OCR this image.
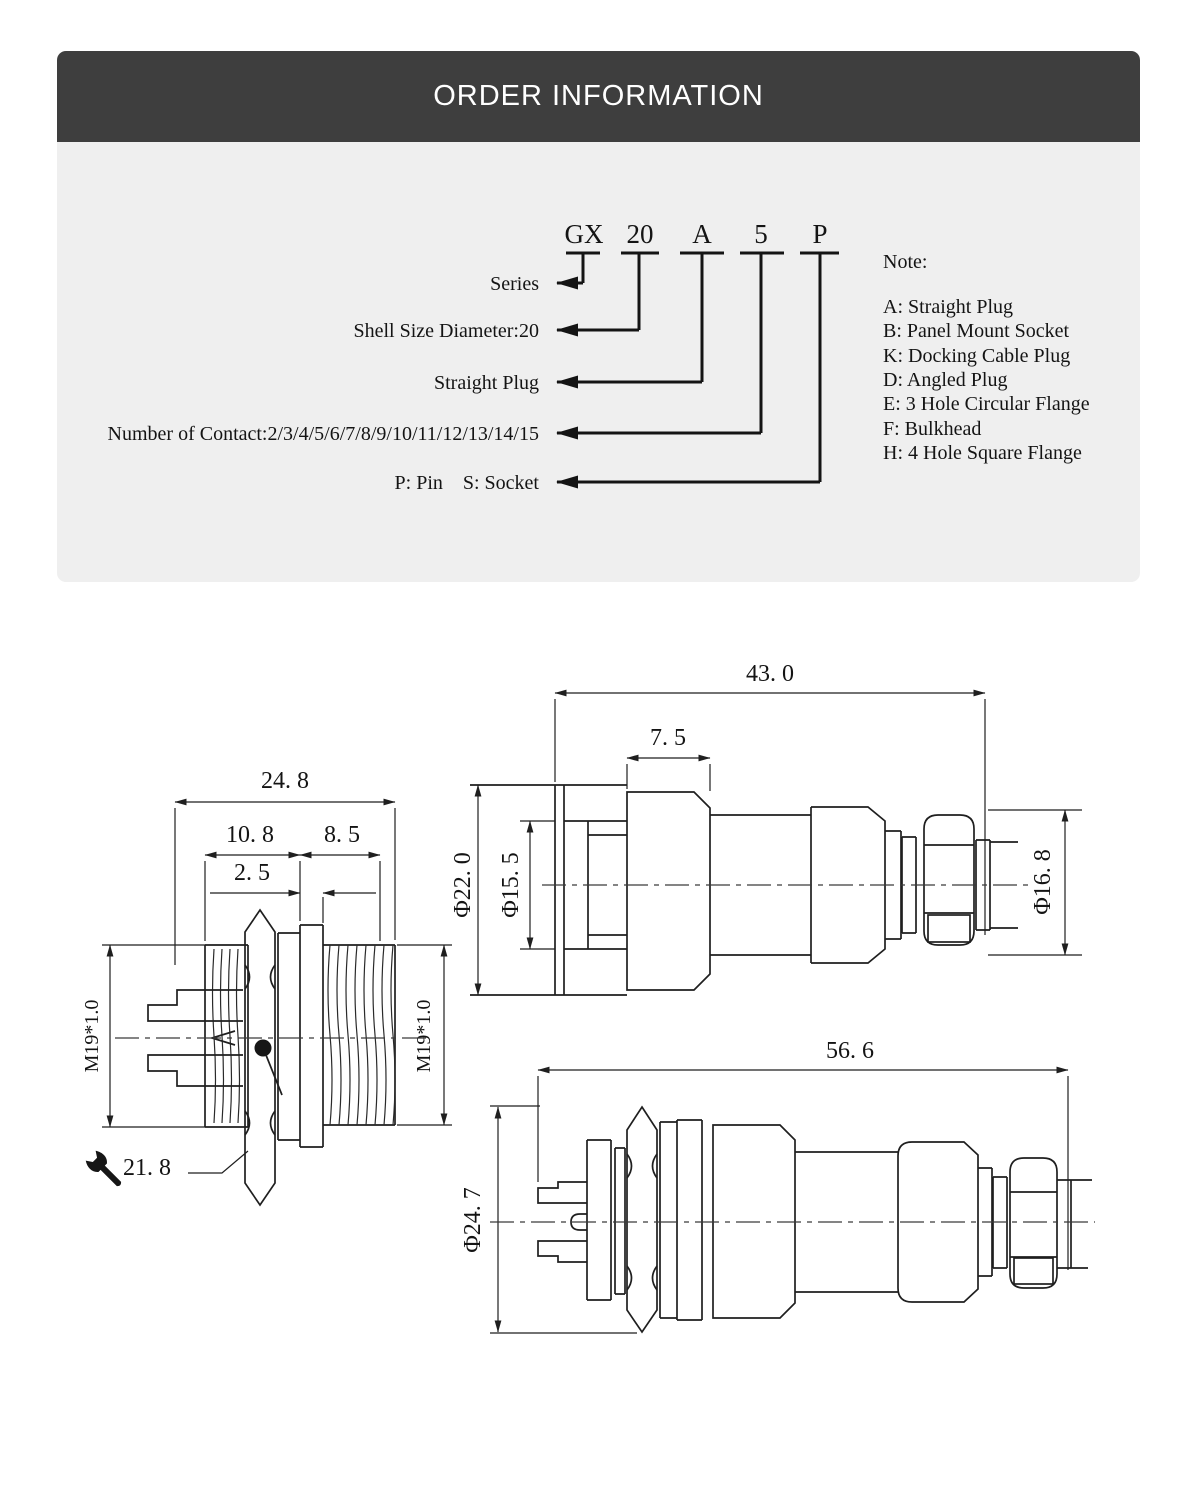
ORDER INFORMATION
GX 20 A 5 P
Series
Shell Size Diameter:20
Straight Plug
Number of Contact:2/3/4/5/6/7/8/9/10/11/12/13/14/15
P: Pin S: Socket
Note:
A: Straight Plug
B: Panel Mount Socket
K: Docking Cable Plug
D: Angled Plug
E: 3 Hole Circular Flange
F: Bulkhead
H: 4 Hole Square Flange
43. 0
7. 5
Φ22. 0 Φ15. 5	Φ16. 8
24. 8
10. 8 8. 5
2. 5
M19*1.0	M19*1.0
21. 8
56. 6
Φ24. 7
